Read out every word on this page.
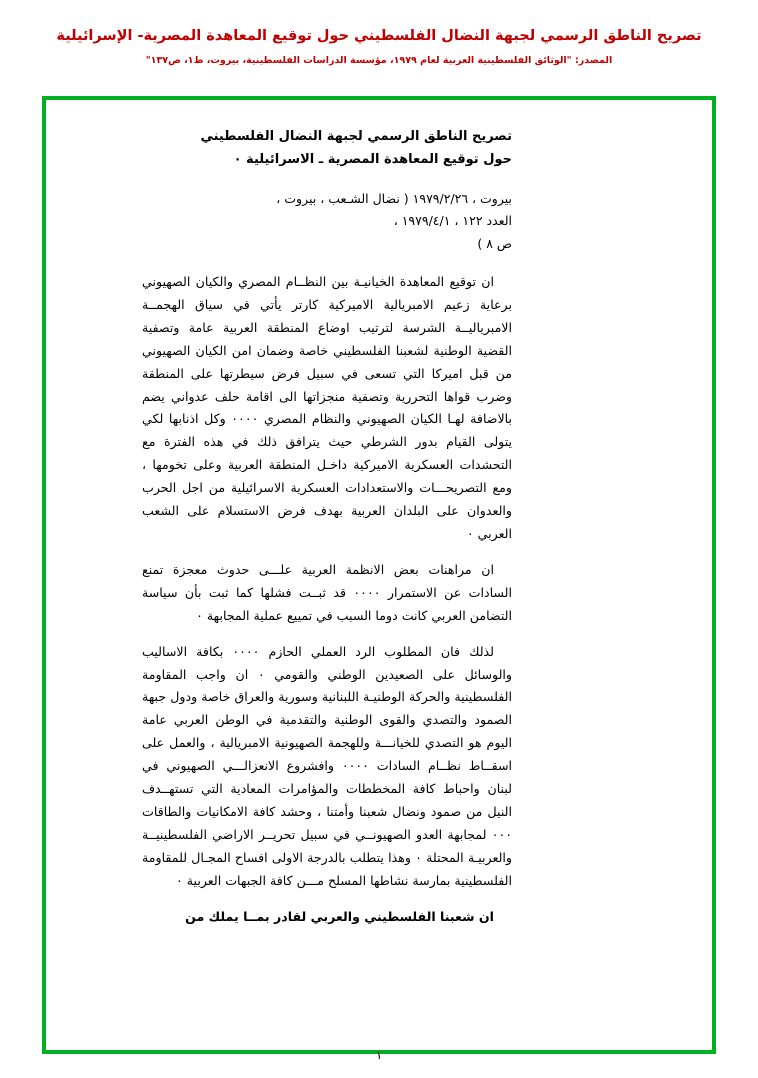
تصريح الناطق الرسمي لجبهة النضال الفلسطيني حول توقيع المعاهدة المصرية- الإسرائيلية
المصدر: "الوثائق الفلسطينية العربية لعام ١٩٧٩، مؤسسة الدراسات الفلسطينية، بيروت، ط١، ص١٣٧"
تصريح الناطق الرسمي لجبهة النضال الفلسطيني
حول توقيع المعاهدة المصرية ـ الاسرائيلية ٠
بيروت ، ١٩٧٩/٢/٢٦ ( نضال الشـعب ، بيروت ،
العدد ١٢٢ ، ١٩٧٩/٤/١ ،
ص ٨ )

ان توقيع المعاهدة الخيانيـة بين النظــام المصري والكيان الصهيوني برعاية زعيم الامبريالية الاميركية كارتر يأتي في سياق الهجمــة الامبرياليــة الشرسة لترتيب اوضاع المنطقة العربية عامة وتصفية القضية الوطنية لشعبنا الفلسطيني خاصة وضمان امن الكيان الصهيوني من قبل اميركا التي تسعى في سبيل فرض سيطرتها على المنطقة وضرب قواها التحررية وتصفية منجزاتها الى اقامة حلف عدواني يضم بالاضافة لهـا الكيان الصهيوني والنظام المصري ٠٠٠٠ وكل اذنابها لكي يتولى القيام بدور الشرطي حيث يترافق ذلك في هذه الفترة مع التحشدات العسكرية الاميركية داخـل المنطقة العربية وعلى تخومها ، ومع التصريحـــات والاستعدادات العسكرية الاسرائيلية من اجل الحرب والعدوان على البلدان العربية بهدف فرض الاستسلام على الشعب العربي ٠

ان مراهنات بعض الانظمة العربية علـــى حدوث معجزة تمنع السادات عن الاستمرار ٠٠٠٠ قد ثبــت فشلها كما ثبت بأن سياسة التضامن العربي كانت دوما السبب في تمييع عملية المجابهة ٠

لذلك فان المطلوب الرد العملي الحازم ٠٠٠٠ بكافة الاساليب والوسائل على الصعيدين الوطني والقومي ٠ ان واجب المقاومة الفلسطينية والحركة الوطنيـة اللبنانية وسورية والعراق خاصة ودول جبهة الصمود والتصدي والقوى الوطنية والتقدمية في الوطن العربي عامة اليوم هو التصدي للخيانـــة وللهجمة الصهيونية الامبريالية ، والعمل على اسقــاط نظــام السادات ٠٠٠٠ وافشروع الانعزالـــي الصهيوني في لبنان واحباط كافة المخططات والمؤامرات المعادية التي تستهــدف النيل من صمود ونضال شعبنا وأمتنا ، وحشد كافة الامكانيات والطاقات ٠٠٠ لمجابهة العدو الصهيونــي في سبيل تحريــر الاراضي الفلسطينيــة والعربيـة المحتلة ٠ وهذا يتطلب بالدرجة الاولى افساح المجـال للمقاومة الفلسطينية بمارسة نشاطها المسلح مـــن كافة الجبهات العربية ٠

ان شعبنا الفلسطيني والعربي لقادر بمــا يملك من

١
